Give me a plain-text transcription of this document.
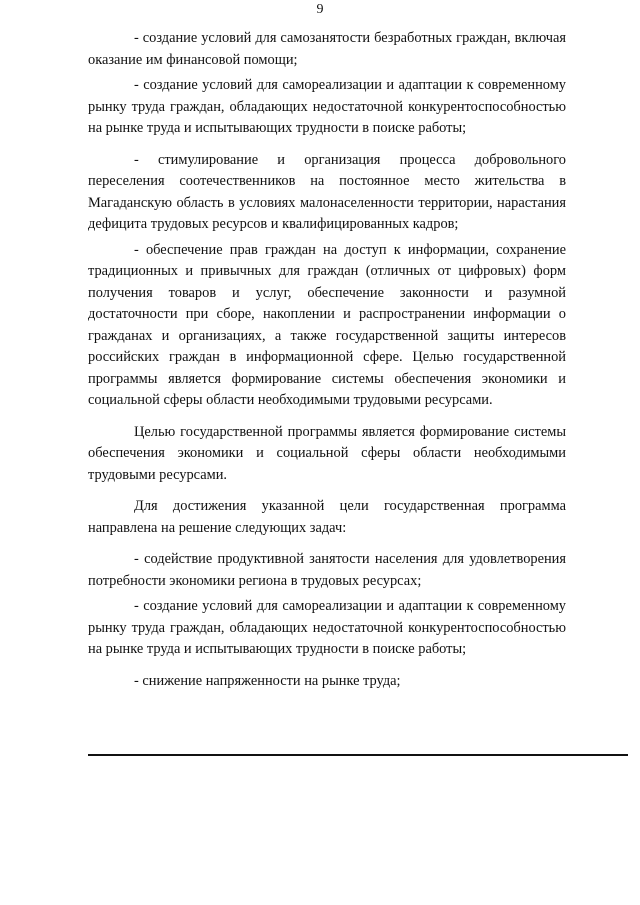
9

- создание условий для самозанятости безработных граждан, включая оказание им финансовой помощи;

- создание условий для самореализации и адаптации к современному рынку труда граждан, обладающих недостаточной конкурентоспособностью на рынке труда и испытывающих трудности в поиске работы;

- стимулирование и организация процесса добровольного переселения соотечественников на постоянное место жительства в Магаданскую область в условиях малонаселенности территории, нарастания дефицита трудовых ресурсов и квалифицированных кадров;

- обеспечение прав граждан на доступ к информации, сохранение традиционных и привычных для граждан (отличных от цифровых) форм получения товаров и услуг, обеспечение законности и разумной достаточности при сборе, накоплении и распространении информации о гражданах и организациях, а также государственной защиты интересов российских граждан в информационной сфере. Целью государственной программы является формирование системы обеспечения экономики и социальной сферы области необходимыми трудовыми ресурсами.

Целью государственной программы является формирование системы обеспечения экономики и социальной сферы области необходимыми трудовыми ресурсами.

Для достижения указанной цели государственная программа направлена на решение следующих задач:

- содействие продуктивной занятости населения для удовлетворения потребности экономики региона в трудовых ресурсах;

- создание условий для самореализации и адаптации к современному рынку труда граждан, обладающих недостаточной конкурентоспособностью на рынке труда и испытывающих трудности в поиске работы;

- снижение напряженности на рынке труда;
